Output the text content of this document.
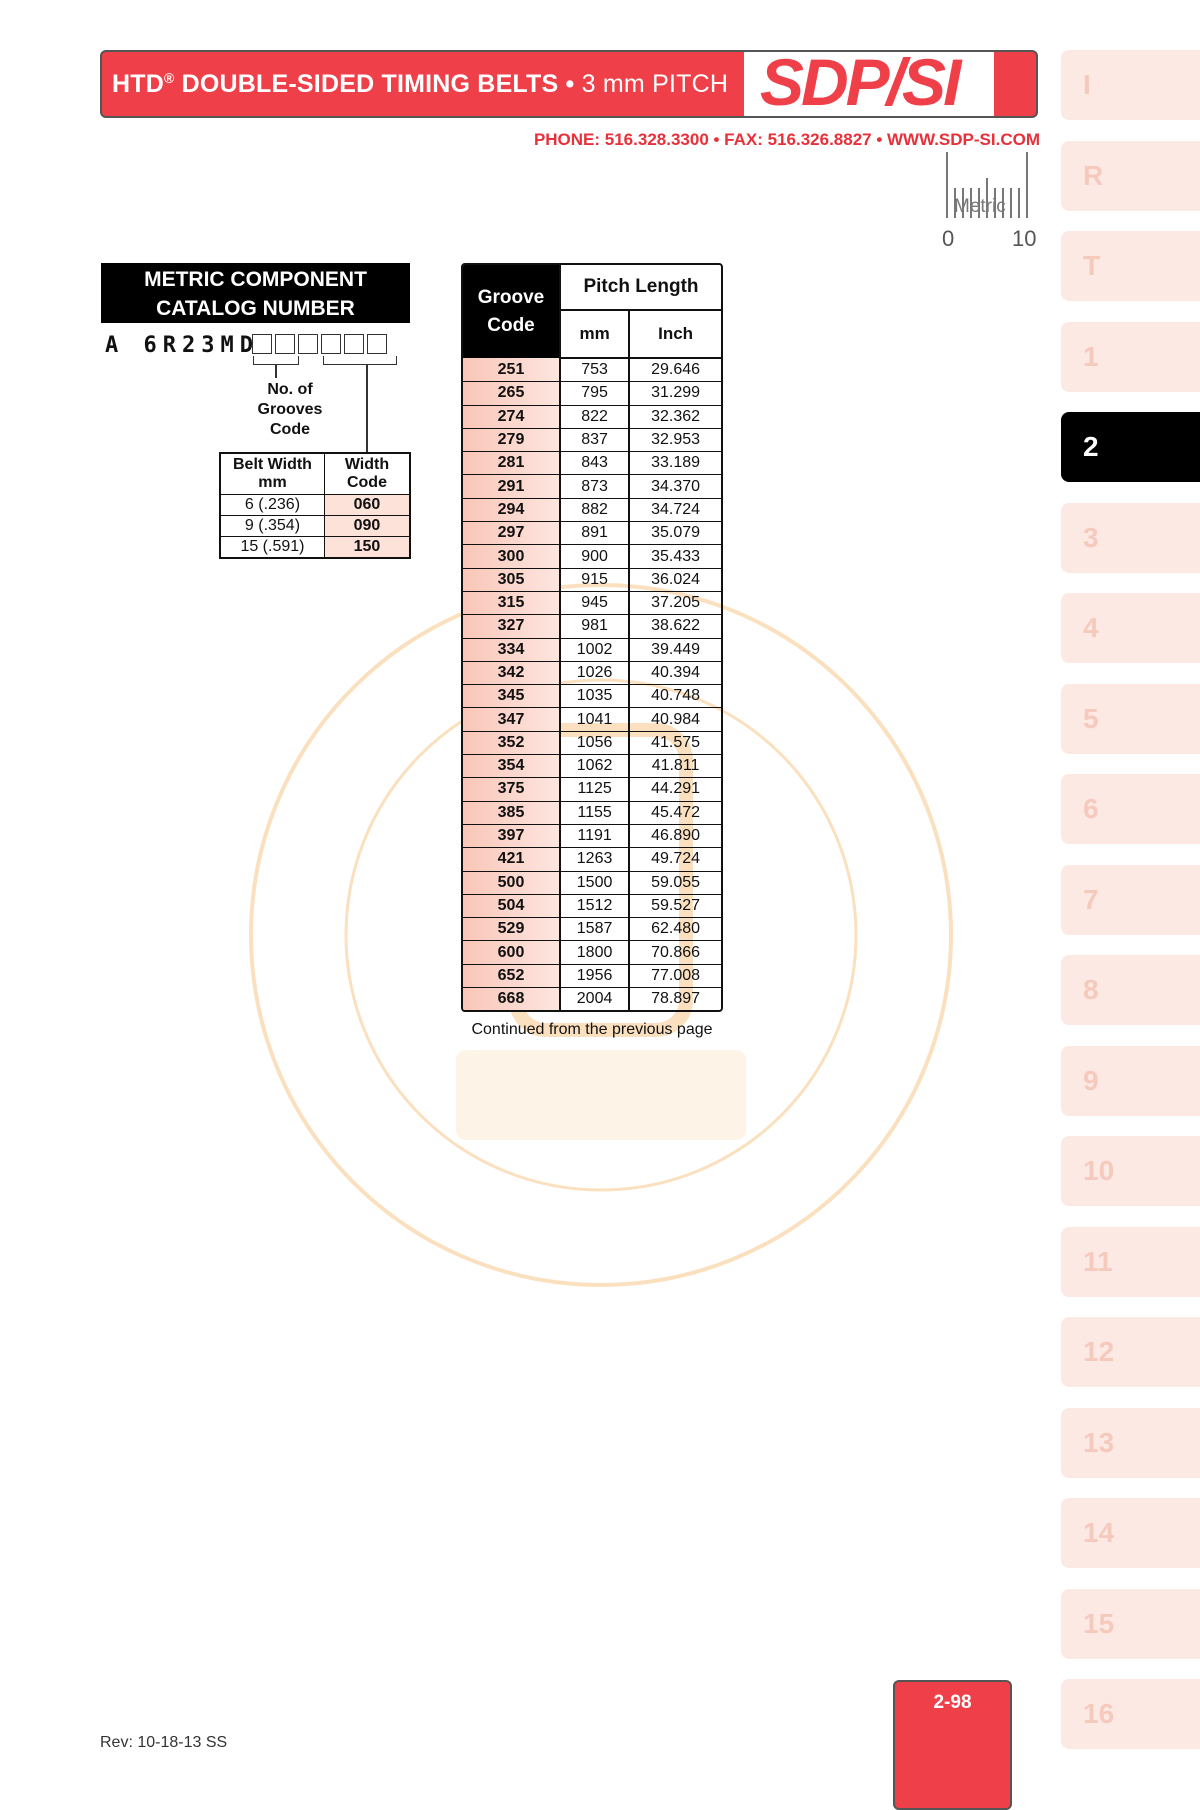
HTD® DOUBLE-SIDED TIMING BELTS • 3 mm PITCH SDP/SI
PHONE: 516.328.3300 • FAX: 516.326.8827 • WWW.SDP-SI.COM
Metric
0	10
METRIC COMPONENT
CATALOG NUMBER
A 6R23MD
No. of
Grooves
Code
Belt Width mm	Width Code
6 (.236)	060
9 (.354)	090
15 (.591)	150
Groove
Code	Pitch Length	
	mm	Inch
251	753	29.646
265	795	31.299
274	822	32.362
279	837	32.953
281	843	33.189
291	873	34.370
294	882	34.724
297	891	35.079
300	900	35.433
305	915	36.024
315	945	37.205
327	981	38.622
334	1002	39.449
342	1026	40.394
345	1035	40.748
347	1041	40.984
352	1056	41.575
354	1062	41.811
375	1125	44.291
385	1155	45.472
397	1191	46.890
421	1263	49.724
500	1500	59.055
504	1512	59.527
529	1587	62.480
600	1800	70.866
652	1956	77.008
668	2004	78.897
Continued from the previous page
I
R
T
1
2
3
4
5
6
7
8
9
10
11
12
13
14
15
16
2-98
Rev: 10-18-13 SS
